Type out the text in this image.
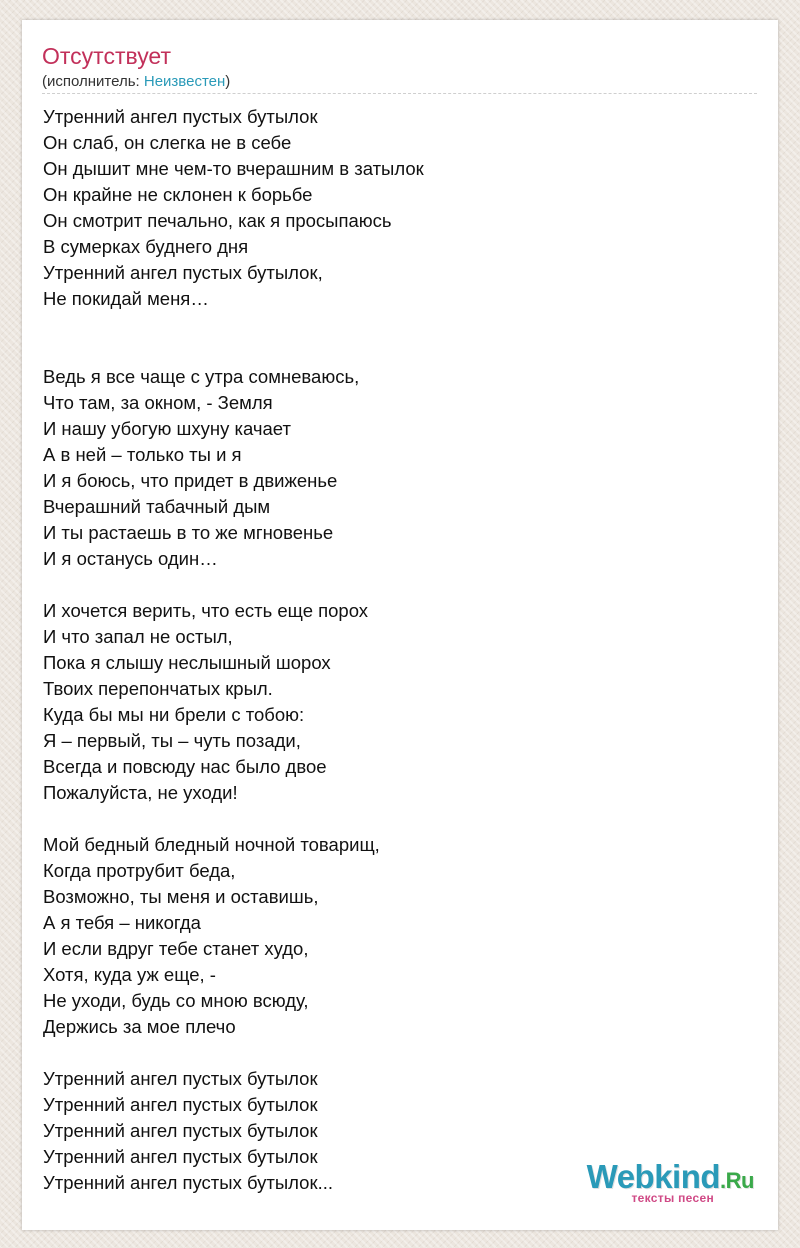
Отсутствует
(исполнитель: Неизвестен)
Утренний ангел пустых бутылок
Он слаб, он слегка не в себе
Он дышит мне чем-то вчерашним в затылок
Он крайне не склонен к борьбе
Он смотрит печально, как я просыпаюсь
В сумерках буднего дня
Утренний ангел пустых бутылок,
Не покидай меня…
Ведь я все чаще с утра сомневаюсь,
Что там, за окном, - Земля
И нашу убогую шхуну качает
А в ней – только ты и я
И я боюсь, что придет в движенье
Вчерашний табачный дым
И ты растаешь в то же мгновенье
И я останусь один…
И хочется верить, что есть еще порох
И что запал не остыл,
Пока я слышу неслышный шорох
Твоих перепончатых крыл.
Куда бы мы ни брели с тобою:
Я – первый, ты – чуть позади,
Всегда и повсюду нас было двое
Пожалуйста, не уходи!
Мой бедный бледный ночной товарищ,
Когда протрубит беда,
Возможно, ты меня и оставишь,
А я тебя – никогда
И если вдруг тебе станет худо,
Хотя, куда уж еще, -
Не уходи, будь со мною всюду,
Держись за мое плечо
Утренний ангел пустых бутылок
Утренний ангел пустых бутылок
Утренний ангел пустых бутылок
Утренний ангел пустых бутылок
Утренний ангел пустых бутылок...	Webkind.Ru
тексты песен
